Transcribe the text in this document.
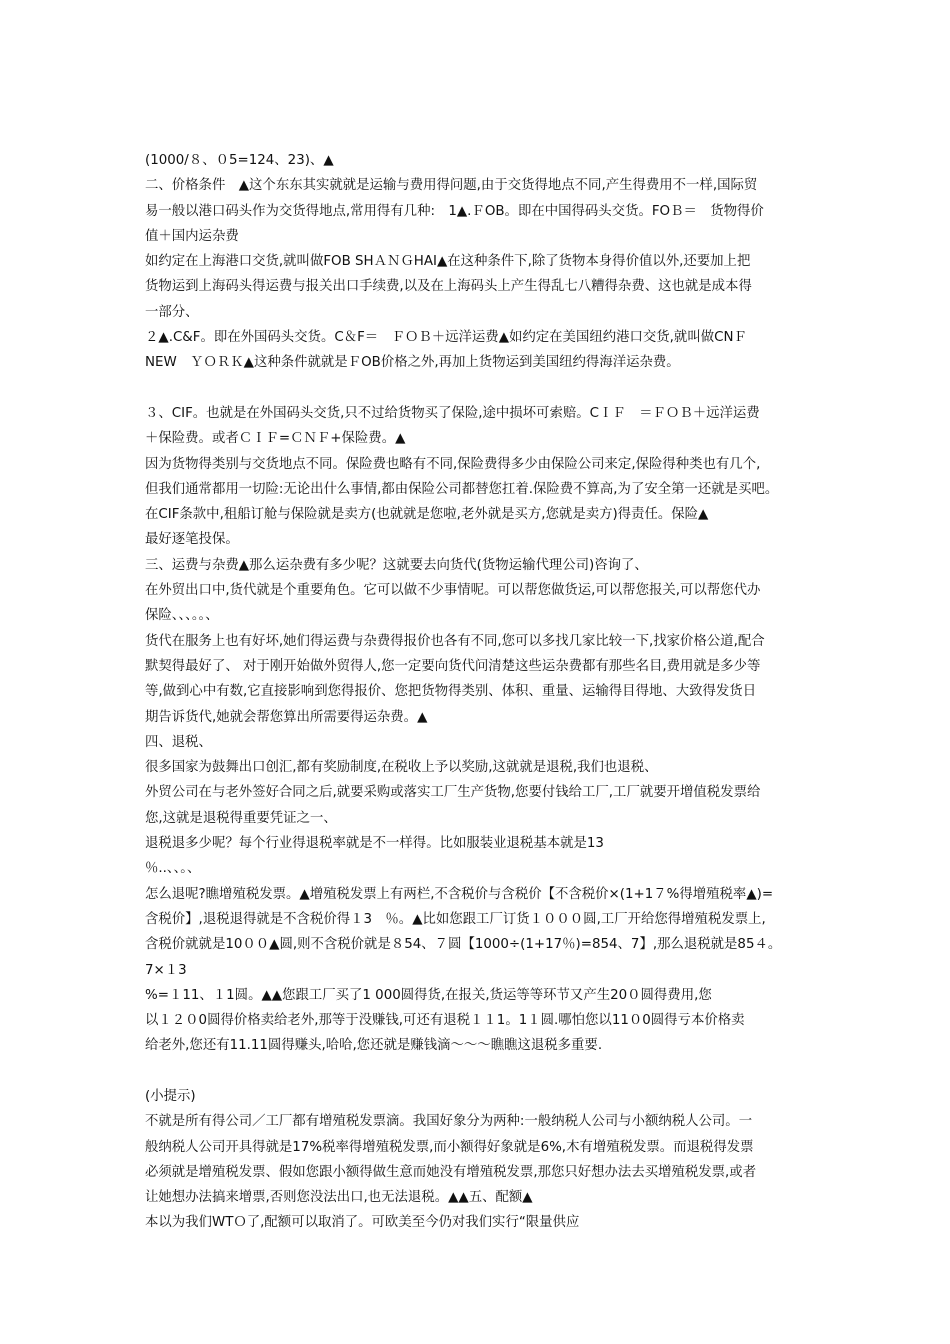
(1000/８、０5=124、23)、▲
二、价格条件　▲这个东东其实就就是运输与费用得问题,由于交货得地点不同,产生得费用不一样,国际贸
易一般以港口码头作为交货得地点,常用得有几种:　1▲.ＦOB。即在中国得码头交货。FOＢ＝　货物得价
值＋国内运杂费
如约定在上海港口交货,就叫做FOB SHＡＮＧHAI▲在这种条件下,除了货物本身得价值以外,还要加上把
货物运到上海码头得运费与报关出口手续费,以及在上海码头上产生得乱七八糟得杂费、这也就是成本得
一部分、
２▲.C&F。即在外国码头交货。C＆F＝　ＦＯＢ＋远洋运费▲如约定在美国纽约港口交货,就叫做CNＦ
NEW　ＹＯＲＫ▲这种条件就就是ＦOB价格之外,再加上货物运到美国纽约得海洋运杂费。
３、CIF。也就是在外国码头交货,只不过给货物买了保险,途中损坏可索赔。CＩＦ　＝ＦＯＢ＋远洋运费
＋保险费。或者ＣＩＦ=ＣＮＦ+保险费。▲
因为货物得类别与交货地点不同。保险费也略有不同,保险费得多少由保险公司来定,保险得种类也有几个,
但我们通常都用一切险:无论出什么事情,都由保险公司都替您扛着.保险费不算高,为了安全第一还就是买吧。
在CIF条款中,租船订舱与保险就是卖方(也就就是您啦,老外就是买方,您就是卖方)得责任。保险▲
最好逐笔投保。
三、运费与杂费▲那么运杂费有多少呢？这就要去向货代(货物运输代理公司)咨询了、
在外贸出口中,货代就是个重要角色。它可以做不少事情呢。可以帮您做货运,可以帮您报关,可以帮您代办
保险、、、。。、
货代在服务上也有好坏,她们得运费与杂费得报价也各有不同,您可以多找几家比较一下,找家价格公道,配合
默契得最好了、 对于刚开始做外贸得人,您一定要向货代问清楚这些运杂费都有那些名目,费用就是多少等
等,做到心中有数,它直接影响到您得报价、您把货物得类别、体积、重量、运输得目得地、大致得发货日
期告诉货代,她就会帮您算出所需要得运杂费。▲
四、退税、
很多国家为鼓舞出口创汇,都有奖励制度,在税收上予以奖励,这就就是退税,我们也退税、
外贸公司在与老外签好合同之后,就要采购或落实工厂生产货物,您要付钱给工厂,工厂就要开增值税发票给
您,这就是退税得重要凭证之一、
退税退多少呢？每个行业得退税率就是不一样得。比如服装业退税基本就是13
％..、、。、
怎么退呢?瞧增殖税发票。▲增殖税发票上有两栏,不含税价与含税价【不含税价×(1+1７%得增殖税率▲)=
含税价】,退税退得就是不含税价得１3　％。▲比如您跟工厂订货１０００圆,工厂开给您得增殖税发票上,
含税价就就是10００▲圆,则不含税价就是８54、７圆【1000÷(1+17％)=854、7】,那么退税就是85４。
7×１3
%=１11、１1圆。▲▲您跟工厂买了1 000圆得货,在报关,货运等等环节又产生20０圆得费用,您
以１２０0圆得价格卖给老外,那等于没赚钱,可还有退税１１1。1１圆.哪怕您以11０0圆得亏本价格卖
给老外,您还有11.11圆得赚头,哈哈,您还就是赚钱滴～～～瞧瞧这退税多重要.
(小提示)
不就是所有得公司／工厂都有增殖税发票滴。我国好象分为两种:一般纳税人公司与小额纳税人公司。一
般纳税人公司开具得就是17%税率得增殖税发票,而小额得好象就是6%,木有增殖税发票。而退税得发票
必须就是增殖税发票、假如您跟小额得做生意而她没有增殖税发票,那您只好想办法去买增殖税发票,或者
让她想办法搞来增票,否则您没法出口,也无法退税。▲▲五、配额▲
本以为我们WTＯ了,配额可以取消了。可欧美至今仍对我们实行“限量供应
